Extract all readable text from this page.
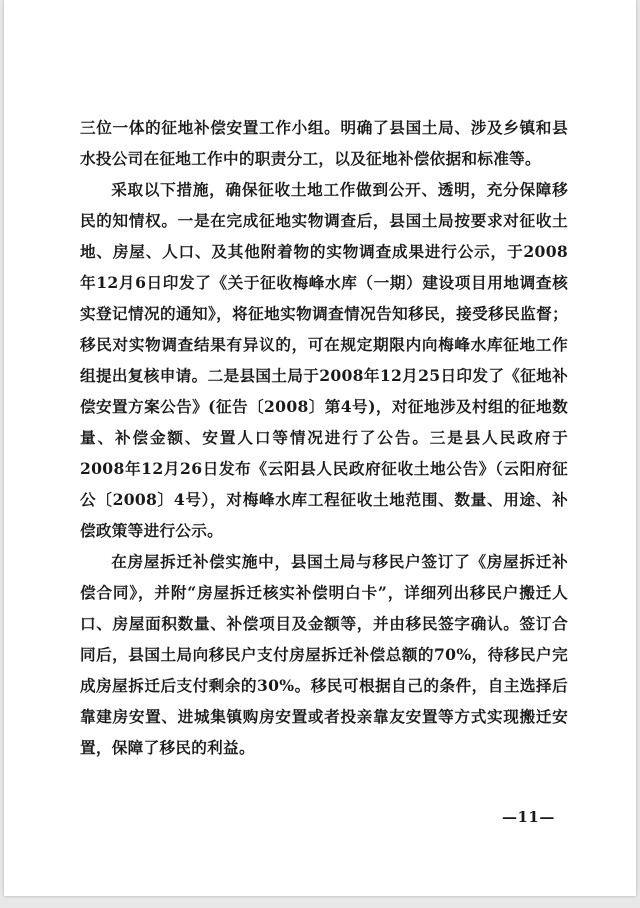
三位一体的征地补偿安置工作小组。明确了县国土局、涉及乡镇和县水投公司在征地工作中的职责分工，以及征地补偿依据和标准等。

采取以下措施，确保征收土地工作做到公开、透明，充分保障移民的知情权。一是在完成征地实物调查后，县国土局按要求对征收土地、房屋、人口、及其他附着物的实物调查成果进行公示，于2008年12月6日印发了《关于征收梅峰水库（一期）建设项目用地调查核实登记情况的通知》，将征地实物调查情况告知移民，接受移民监督；移民对实物调查结果有异议的，可在规定期限内向梅峰水库征地工作组提出复核申请。二是县国土局于2008年12月25日印发了《征地补偿安置方案公告》(征告〔2008〕第4号)，对征地涉及村组的征地数量、补偿金额、安置人口等情况进行了公告。三是县人民政府于2008年12月26日发布《云阳县人民政府征收土地公告》（云阳府征公〔2008〕4号），对梅峰水库工程征收土地范围、数量、用途、补偿政策等进行公示。

在房屋拆迁补偿实施中，县国土局与移民户签订了《房屋拆迁补偿合同》，并附“房屋拆迁核实补偿明白卡”，详细列出移民户搬迁人口、房屋面积数量、补偿项目及金额等，并由移民签字确认。签订合同后，县国土局向移民户支付房屋拆迁补偿总额的70%，待移民户完成房屋拆迁后支付剩余的30%。移民可根据自己的条件，自主选择后靠建房安置、进城集镇购房安置或者投亲靠友安置等方式实现搬迁安置，保障了移民的利益。

—11—
